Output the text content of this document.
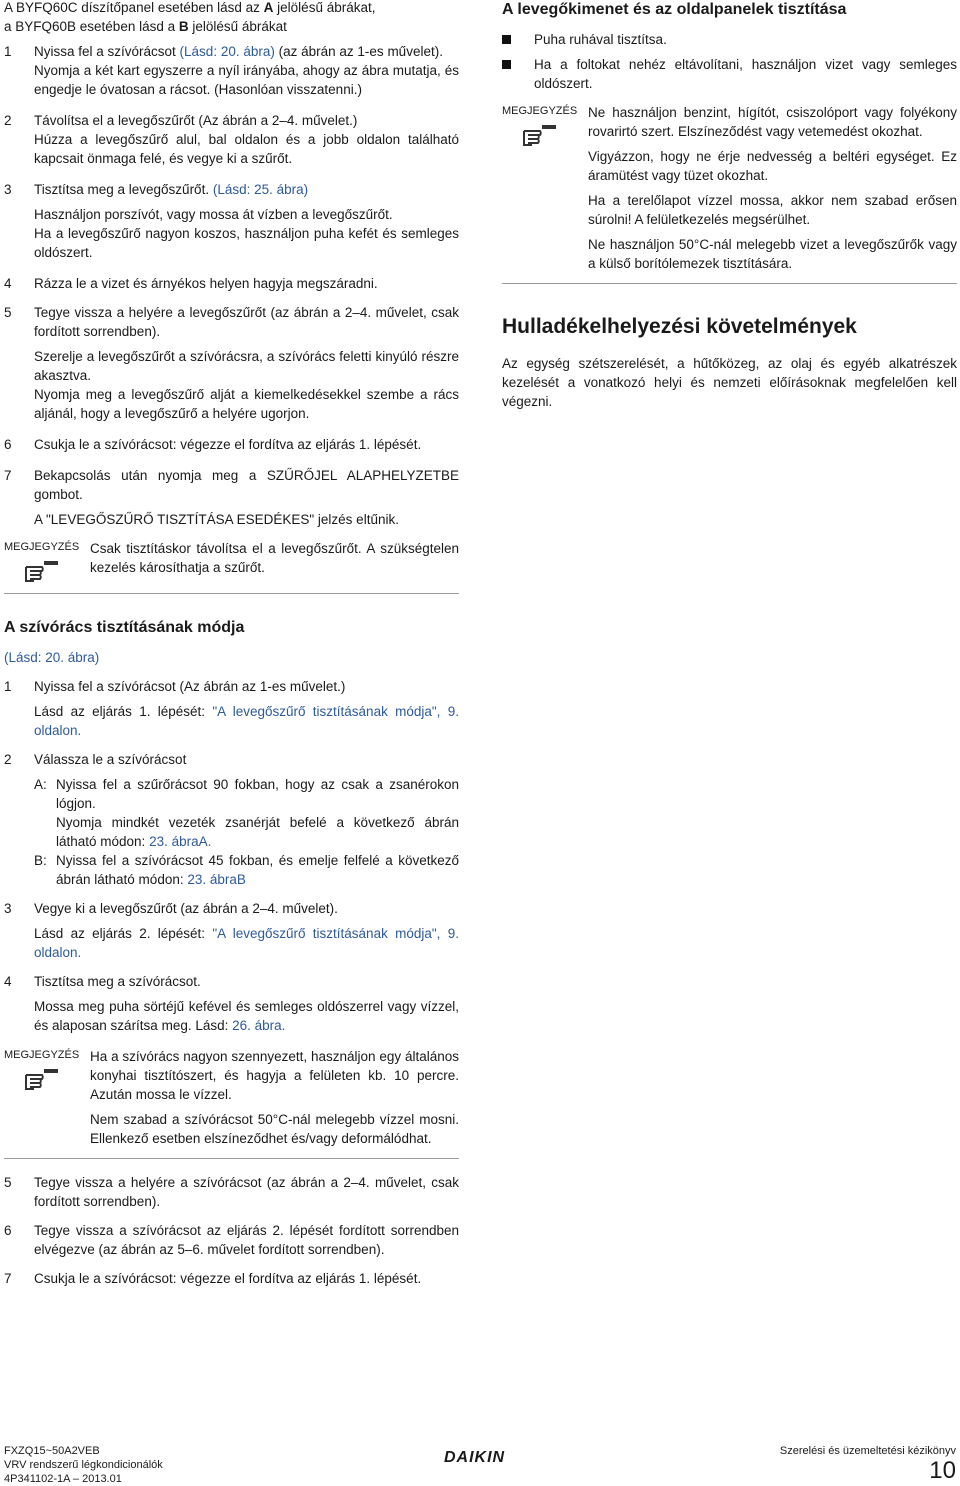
A BYFQ60C díszítőpanel esetében lásd az A jelölésű ábrákat,

a BYFQ60B esetében lásd a B jelölésű ábrákat

1 Nyissa fel a szívórácsot (Lásd: 20. ábra) (az ábrán az 1-es művelet).

Nyomja a két kart egyszerre a nyíl irányába, ahogy az ábra mutatja, és engedje le óvatosan a rácsot. (Hasonlóan visszatenni.)

2 Távolítsa el a levegőszűrőt (Az ábrán a 2–4. művelet.)

Húzza a levegőszűrő alul, bal oldalon és a jobb oldalon található kapcsait önmaga felé, és vegye ki a szűrőt.

3 Tisztítsa meg a levegőszűrőt. (Lásd: 25. ábra)

Használjon porszívót, vagy mossa át vízben a levegőszűrőt.

Ha a levegőszűrő nagyon koszos, használjon puha kefét és semleges oldószert.

4 Rázza le a vizet és árnyékos helyen hagyja megszáradni.

5 Tegye vissza a helyére a levegőszűrőt (az ábrán a 2–4. művelet, csak fordított sorrendben).

Szerelje a levegőszűrőt a szívórácsra, a szívórács feletti kinyúló részre akasztva.

Nyomja meg a levegőszűrő alját a kiemelkedésekkel szembe a rács aljánál, hogy a levegőszűrő a helyére ugorjon.

6 Csukja le a szívórácsot: végezze el fordítva az eljárás 1. lépését.

7 Bekapcsolás után nyomja meg a SZŰRŐJEL ALAPHELYZETBE gombot.

A "LEVEGŐSZŰRŐ TISZTÍTÁSA ESEDÉKES" jelzés eltűnik.

MEGJEGYZÉS Csak tisztításkor távolítsa el a levegőszűrőt. A szükségtelen kezelés károsíthatja a szűrőt.

A szívórács tisztításának módja

(Lásd: 20. ábra)

1 Nyissa fel a szívórácsot (Az ábrán az 1-es művelet.)

Lásd az eljárás 1. lépését: "A levegőszűrő tisztításának módja", 9. oldalon.

2 Válassza le a szívórácsot

A: Nyissa fel a szűrőrácsot 90 fokban, hogy az csak a zsanérokon lógjon.

Nyomja mindkét vezeték zsanérját befelé a következő ábrán látható módon: 23. ábraA.

B: Nyissa fel a szívórácsot 45 fokban, és emelje felfelé a következő ábrán látható módon: 23. ábraB

3 Vegye ki a levegőszűrőt (az ábrán a 2–4. művelet).

Lásd az eljárás 2. lépését: "A levegőszűrő tisztításának módja", 9. oldalon.

4 Tisztítsa meg a szívórácsot.

Mossa meg puha sörtéjű kefével és semleges oldószerrel vagy vízzel, és alaposan szárítsa meg. Lásd: 26. ábra.

MEGJEGYZÉS Ha a szívórács nagyon szennyezett, használjon egy általános konyhai tisztítószert, és hagyja a felületen kb. 10 percre. Azután mossa le vízzel.

Nem szabad a szívórácsot 50°C-nál melegebb vízzel mosni. Ellenkező esetben elszíneződhet és/vagy deformálódhat.

5 Tegye vissza a helyére a szívórácsot (az ábrán a 2–4. művelet, csak fordított sorrendben).

6 Tegye vissza a szívórácsot az eljárás 2. lépését fordított sorrendben elvégezve (az ábrán az 5–6. művelet fordított sorrendben).

7 Csukja le a szívórácsot: végezze el fordítva az eljárás 1. lépését.

A levegőkimenet és az oldalpanelek tisztítása

Puha ruhával tisztítsa.

Ha a foltokat nehéz eltávolítani, használjon vizet vagy semleges oldószert.

MEGJEGYZÉS Ne használjon benzint, hígítót, csiszolóport vagy folyékony rovarirtó szert. Elszíneződést vagy vetemedést okozhat.

Vigyázzon, hogy ne érje nedvesség a beltéri egységet. Ez áramütést vagy tüzet okozhat.

Ha a terelőlapot vízzel mossa, akkor nem szabad erősen súrolni! A felületkezelés megsérülhet.

Ne használjon 50°C-nál melegebb vizet a levegőszűrők vagy a külső borítólemezek tisztítására.

Hulladékelhelyezési követelmények

Az egység szétszerelését, a hűtőközeg, az olaj és egyéb alkatrészek kezelését a vonatkozó helyi és nemzeti előírásoknak megfelelően kell végezni.

FXZQ15~50A2VEB
VRV rendszerű légkondicionálók
4P341102-1A – 2013.01
DAIKIN	Szerelési és üzemeltetési kézikönyv
10
